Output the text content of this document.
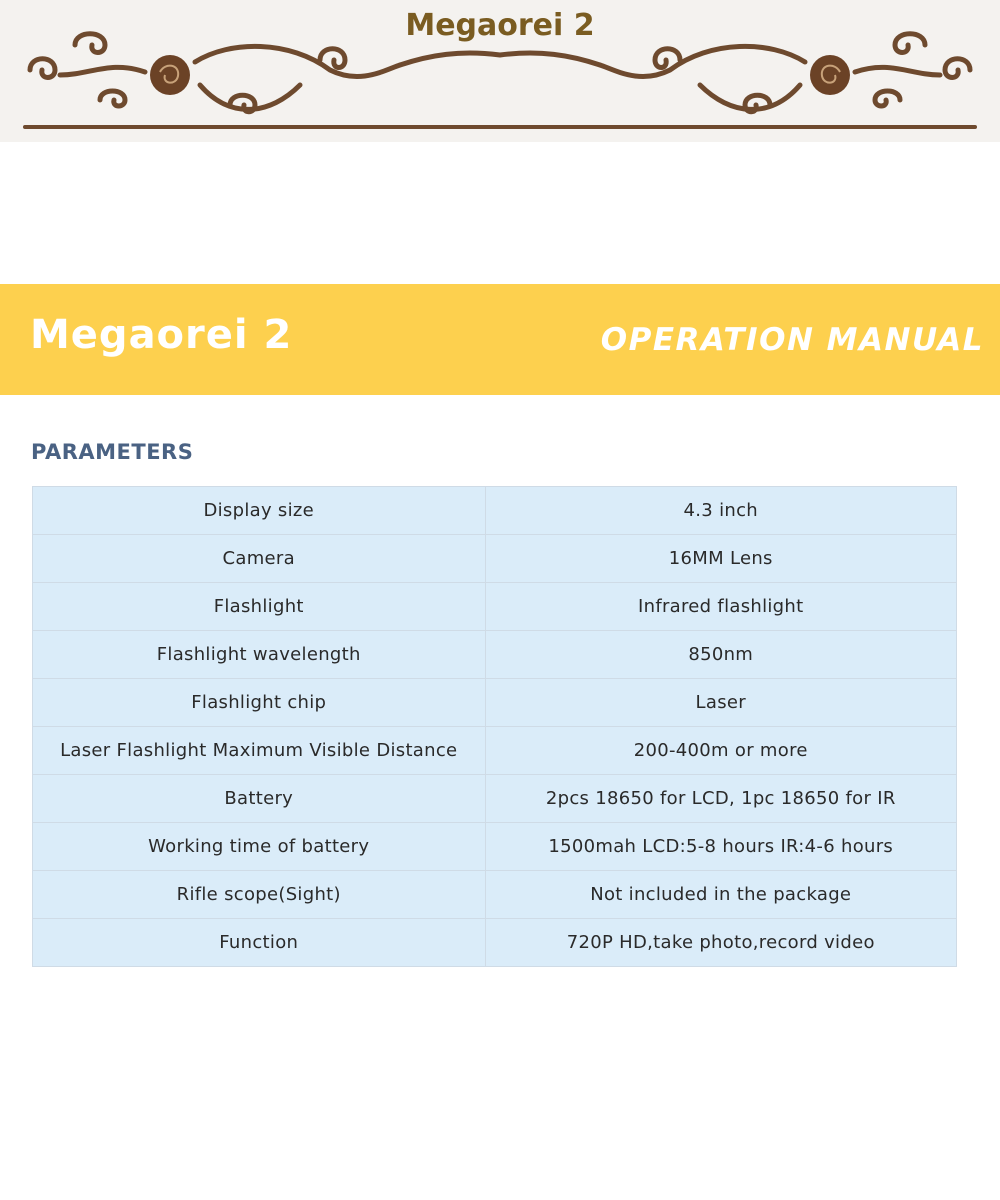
Megaorei 2
Megaorei 2	OPERATION MANUAL
PARAMETERS
Display size	4.3 inch
Camera	16MM Lens
Flashlight	Infrared flashlight
Flashlight wavelength	850nm
Flashlight chip	Laser
Laser Flashlight Maximum Visible Distance	200-400m or more
Battery	2pcs 18650 for LCD, 1pc 18650 for IR
Working time of battery	1500mah LCD:5-8 hours IR:4-6 hours
Rifle scope(Sight)	Not included in the package
Function	720P HD,take photo,record video
